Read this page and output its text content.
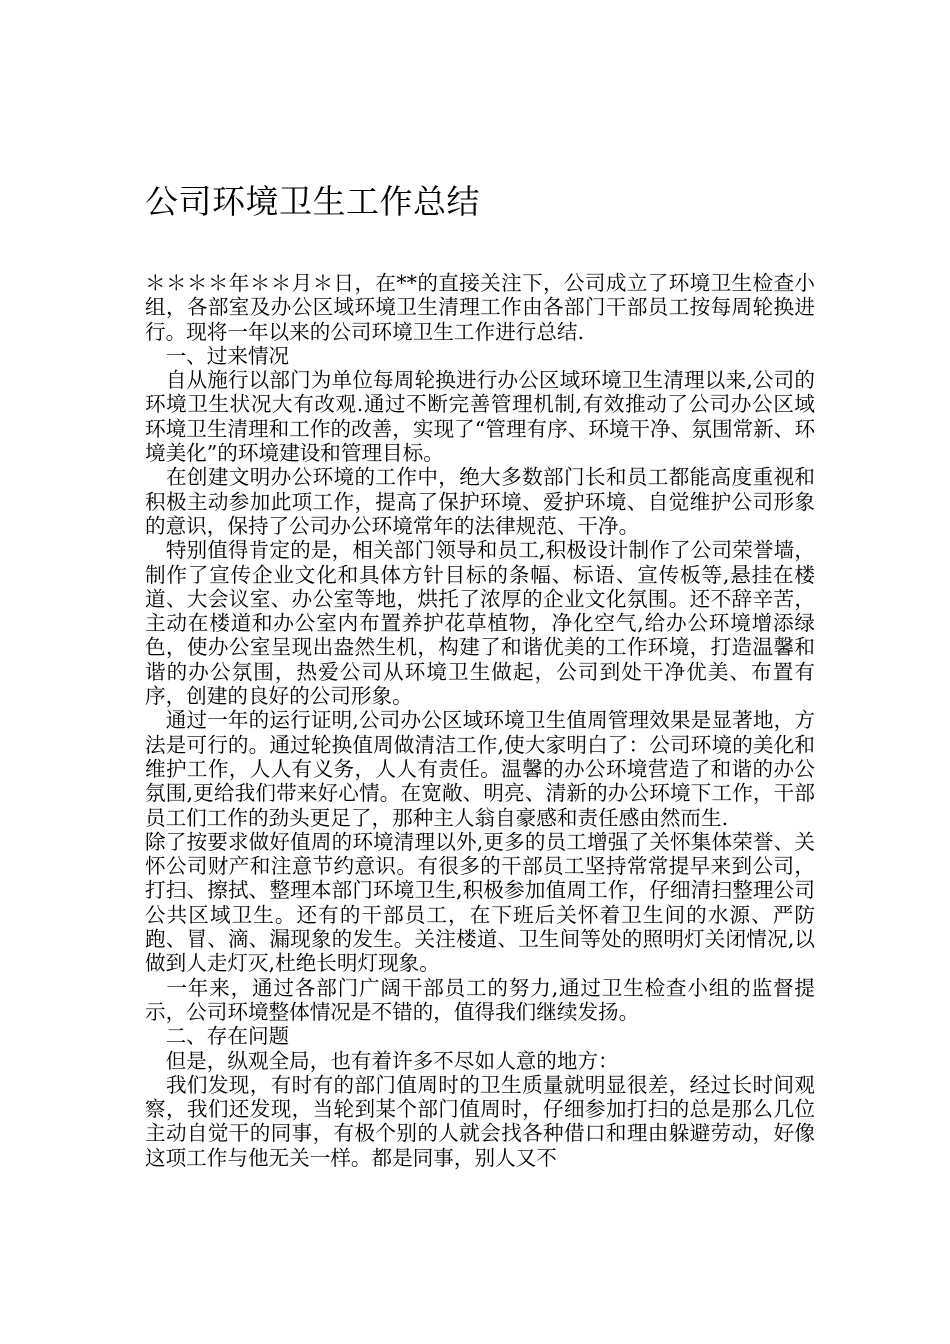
公司环境卫生工作总结

＊＊＊＊年＊＊月＊日，在**的直接关注下，公司成立了环境卫生检查小组，各部室及办公区域环境卫生清理工作由各部门干部员工按每周轮换进行。现将一年以来的公司环境卫生工作进行总结.

　一、过来情况

　自从施行以部门为单位每周轮换进行办公区域环境卫生清理以来,公司的环境卫生状况大有改观.通过不断完善管理机制,有效推动了公司办公区域环境卫生清理和工作的改善，实现了“管理有序、环境干净、氛围常新、环境美化”的环境建设和管理目标。

　在创建文明办公环境的工作中，绝大多数部门长和员工都能高度重视和积极主动参加此项工作，提高了保护环境、爱护环境、自觉维护公司形象的意识，保持了公司办公环境常年的法律规范、干净。

　特别值得肯定的是，相关部门领导和员工,积极设计制作了公司荣誉墙，制作了宣传企业文化和具体方针目标的条幅、标语、宣传板等,悬挂在楼道、大会议室、办公室等地，烘托了浓厚的企业文化氛围。还不辞辛苦，主动在楼道和办公室内布置养护花草植物，净化空气,给办公环境增添绿色，使办公室呈现出盎然生机，构建了和谐优美的工作环境，打造温馨和谐的办公氛围，热爱公司从环境卫生做起，公司到处干净优美、布置有序，创建的良好的公司形象。

　通过一年的运行证明,公司办公区域环境卫生值周管理效果是显著地，方法是可行的。通过轮换值周做清洁工作,使大家明白了：公司环境的美化和维护工作，人人有义务，人人有责任。温馨的办公环境营造了和谐的办公氛围,更给我们带来好心情。在宽敞、明亮、清新的办公环境下工作，干部员工们工作的劲头更足了，那种主人翁自豪感和责任感由然而生.

除了按要求做好值周的环境清理以外,更多的员工增强了关怀集体荣誉、关怀公司财产和注意节约意识。有很多的干部员工坚持常常提早来到公司，打扫、擦拭、整理本部门环境卫生,积极参加值周工作，仔细清扫整理公司公共区域卫生。还有的干部员工，在下班后关怀着卫生间的水源、严防跑、冒、滴、漏现象的发生。关注楼道、卫生间等处的照明灯关闭情况,以做到人走灯灭,杜绝长明灯现象。

　一年来，通过各部门广阔干部员工的努力,通过卫生检查小组的监督提示，公司环境整体情况是不错的，值得我们继续发扬。

　二、存在问题

　但是，纵观全局，也有着许多不尽如人意的地方：

　我们发现，有时有的部门值周时的卫生质量就明显很差，经过长时间观察，我们还发现，当轮到某个部门值周时，仔细参加打扫的总是那么几位主动自觉干的同事，有极个别的人就会找各种借口和理由躲避劳动，好像这项工作与他无关一样。都是同事，别人又不
